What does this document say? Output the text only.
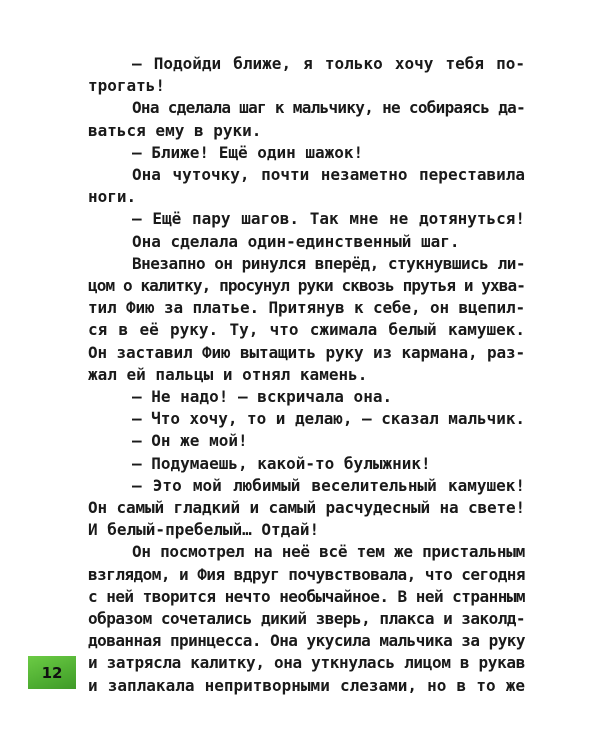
— Подойди ближе, я только хочу тебя по-
трогать!
Она сделала шаг к мальчику, не собираясь да-
ваться ему в руки.
— Ближе! Ещё один шажок!
Она чуточку, почти незаметно переставила
ноги.
— Ещё пару шагов. Так мне не дотянуться!
Она сделала один-единственный шаг.
Внезапно он ринулся вперёд, стукнувшись ли-
цом о калитку, просунул руки сквозь прутья и ухва-
тил Фию за платье. Притянув к себе, он вцепил-
ся в её руку. Ту, что сжимала белый камушек.
Он заставил Фию вытащить руку из кармана, раз-
жал ей пальцы и отнял камень.
— Не надо! — вскричала она.
— Что хочу, то и делаю, — сказал мальчик.
— Он же мой!
— Подумаешь, какой-то булыжник!
— Это мой любимый веселительный камушек!
Он самый гладкий и самый расчудесный на свете!
И белый-пребелый… Отдай!
Он посмотрел на неё всё тем же пристальным
взглядом, и Фия вдруг почувствовала, что сегодня
с ней творится нечто необычайное. В ней странным
образом сочетались дикий зверь, плакса и заколд-
дованная принцесса. Она укусила мальчика за руку
и затрясла калитку, она уткнулась лицом в рукав
и заплакала непритворными слезами, но в то же
12
